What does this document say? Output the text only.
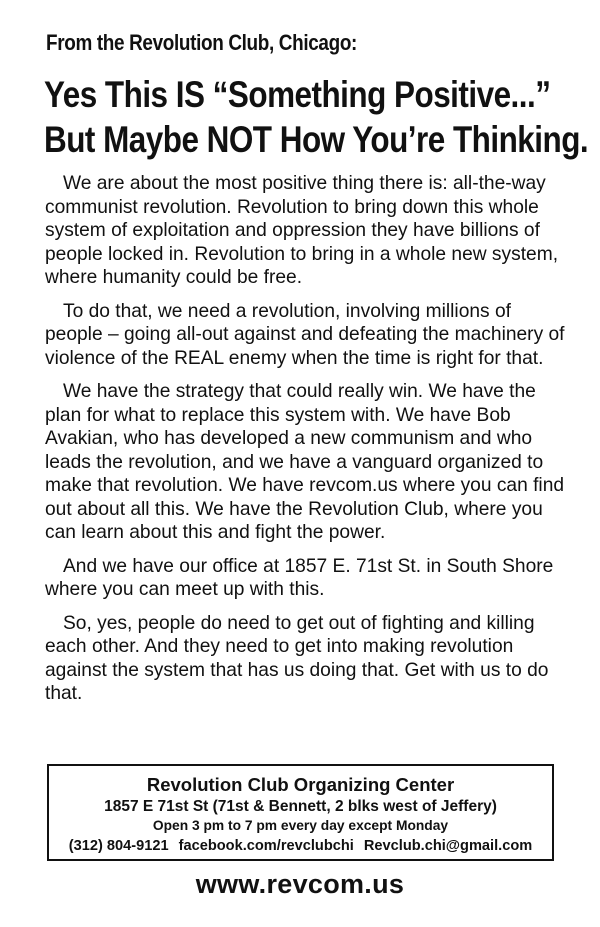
From the Revolution Club, Chicago:
Yes This IS “Something Positive...”
But Maybe NOT How You’re Thinking.

We are about the most positive thing there is: all-the-way communist revolution. Revolution to bring down this whole system of exploitation and oppression they have billions of people locked in. Revolution to bring in a whole new system, where humanity could be free.

To do that, we need a revolution, involving millions of people – going all-out against and defeating the machinery of violence of the REAL enemy when the time is right for that.

We have the strategy that could really win. We have the plan for what to replace this system with. We have Bob Avakian, who has developed a new communism and who leads the revolution, and we have a vanguard organized to make that revolution. We have revcom.us where you can find out about all this. We have the Revolution Club, where you can learn about this and fight the power.

And we have our office at 1857 E. 71st St. in South Shore where you can meet up with this.

So, yes, people do need to get out of fighting and killing each other. And they need to get into making revolution against the system that has us doing that. Get with us to do that.

Revolution Club Organizing Center
1857 E 71st St (71st & Bennett, 2 blks west of Jeffery)
Open 3 pm to 7 pm every day except Monday
(312) 804-9121 facebook.com/revclubchi Revclub.chi@gmail.com
www.revcom.us
